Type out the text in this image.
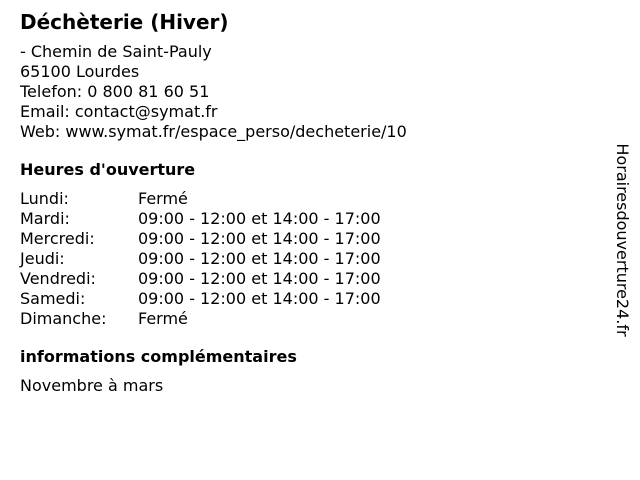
Déchèterie (Hiver)
- Chemin de Saint-Pauly
65100 Lourdes
Telefon: 0 800 81 60 51
Email: contact@symat.fr
Web: www.symat.fr/espace_perso/decheterie/10
Heures d'ouverture
Lundi:	Fermé
Mardi:	09:00 - 12:00 et 14:00 - 17:00
Mercredi:	09:00 - 12:00 et 14:00 - 17:00
Jeudi:	09:00 - 12:00 et 14:00 - 17:00
Vendredi:	09:00 - 12:00 et 14:00 - 17:00
Samedi:	09:00 - 12:00 et 14:00 - 17:00
Dimanche:	Fermé
informations complémentaires
Novembre à mars
Horairesdouverture24.fr
